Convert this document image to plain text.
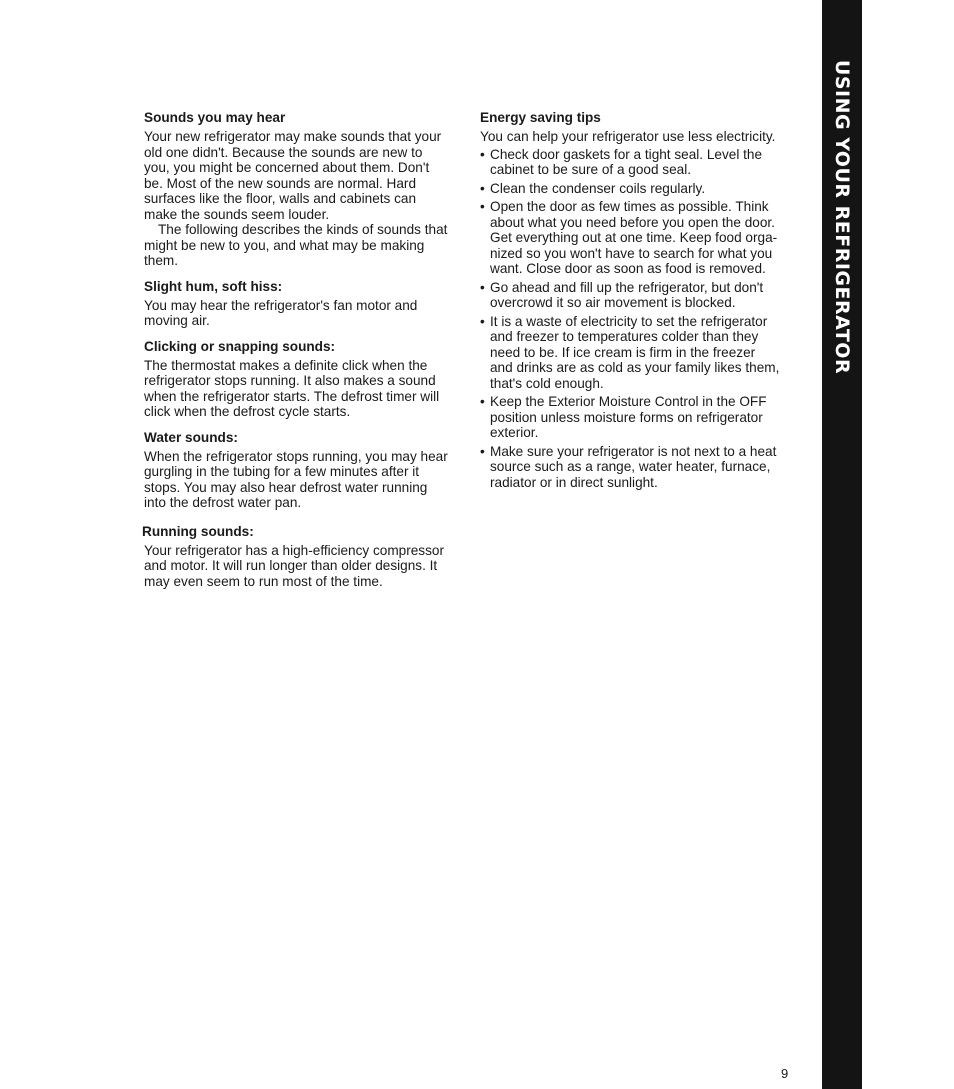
Sounds you may hear

Your new refrigerator may make sounds that your old one didn't. Because the sounds are new to you, you might be concerned about them. Don't be. Most of the new sounds are normal. Hard surfaces like the floor, walls and cabinets can make the sounds seem louder.

The following describes the kinds of sounds that might be new to you, and what may be making them.

Slight hum, soft hiss:

You may hear the refrigerator's fan motor and moving air.

Clicking or snapping sounds:

The thermostat makes a definite click when the refrigerator stops running. It also makes a sound when the refrigerator starts. The defrost timer will click when the defrost cycle starts.

Water sounds:

When the refrigerator stops running, you may hear gurgling in the tubing for a few minutes after it stops. You may also hear defrost water running into the defrost water pan.

Running sounds:

Your refrigerator has a high-efficiency compressor and motor. It will run longer than older designs. It may even seem to run most of the time.

Energy saving tips

You can help your refrigerator use less electricity.

• Check door gaskets for a tight seal. Level the cabinet to be sure of a good seal.
• Clean the condenser coils regularly.
• Open the door as few times as possible. Think about what you need before you open the door. Get everything out at one time. Keep food orga-nized so you won't have to search for what you want. Close door as soon as food is removed.
• Go ahead and fill up the refrigerator, but don't overcrowd it so air movement is blocked.
• It is a waste of electricity to set the refrigerator and freezer to temperatures colder than they need to be. If ice cream is firm in the freezer and drinks are as cold as your family likes them, that's cold enough.
• Keep the Exterior Moisture Control in the OFF position unless moisture forms on refrigerator exterior.
• Make sure your refrigerator is not next to a heat source such as a range, water heater, furnace, radiator or in direct sunlight.
USING YOUR REFRIGERATOR
9
